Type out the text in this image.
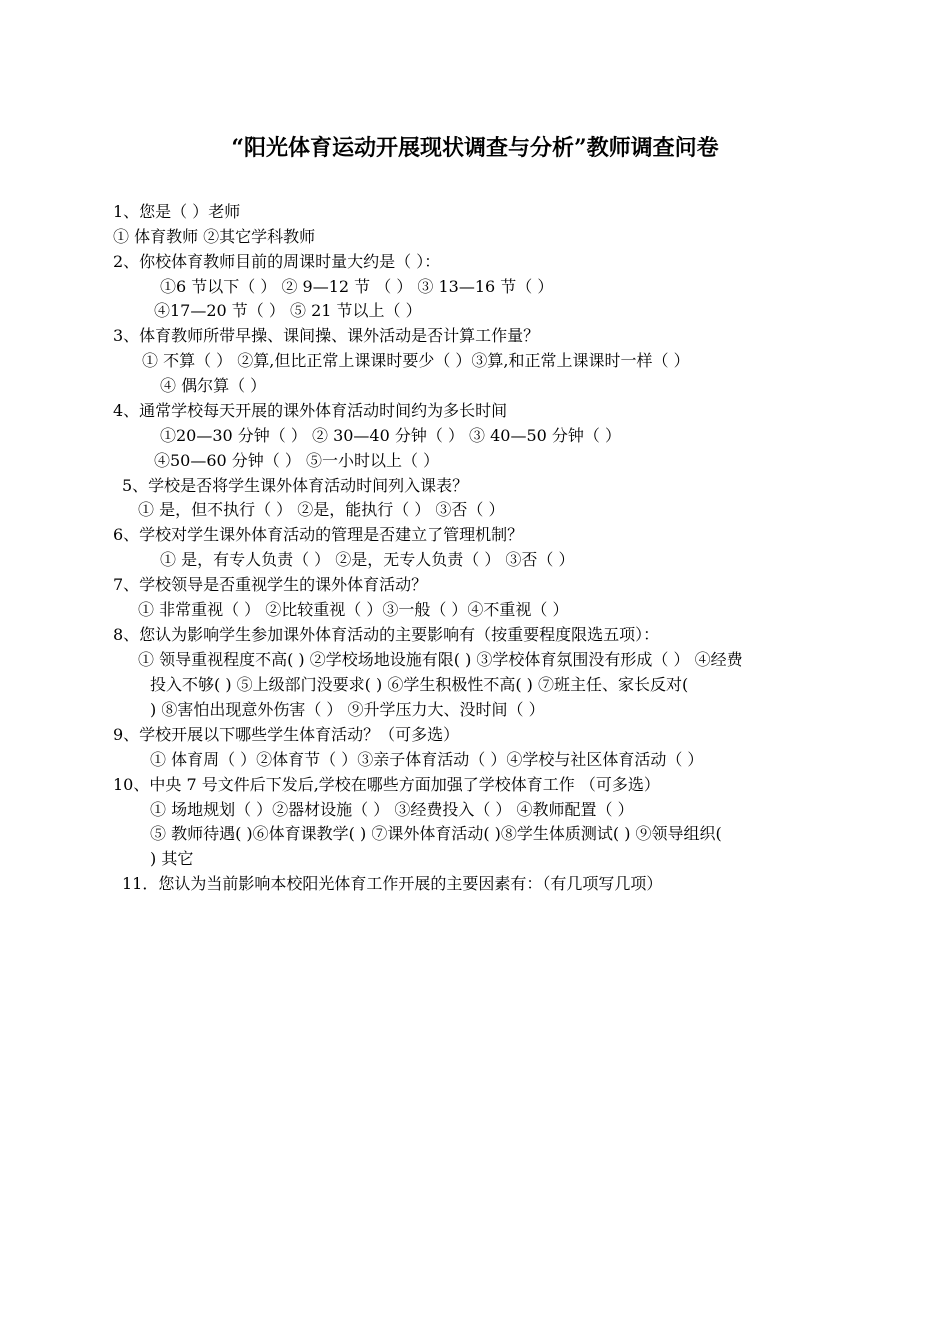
“阳光体育运动开展现状调查与分析”教师调查问卷
1、您是（ ）老师
① 体育教师 ②其它学科教师
2、你校体育教师目前的周课时量大约是（ ）：
①6 节以下（ ） ② 9—12 节 （ ） ③ 13—16 节（ ）
④17—20 节（ ） ⑤ 21 节以上（ ）
3、体育教师所带早操、课间操、课外活动是否计算工作量？
① 不算（ ） ②算,但比正常上课课时要少（ ）③算,和正常上课课时一样（ ）
④ 偶尔算（ ）
4、通常学校每天开展的课外体育活动时间约为多长时间
①20—30 分钟（ ） ② 30—40 分钟（ ） ③ 40—50 分钟（ ）
④50—60 分钟（ ） ⑤一小时以上（ ）
5、学校是否将学生课外体育活动时间列入课表？
① 是，但不执行（ ） ②是，能执行（ ） ③否（ ）
6、学校对学生课外体育活动的管理是否建立了管理机制？
① 是，有专人负责（ ） ②是，无专人负责（ ） ③否（ ）
7、学校领导是否重视学生的课外体育活动？
① 非常重视（ ） ②比较重视（ ）③一般（ ）④不重视（ ）
8、您认为影响学生参加课外体育活动的主要影响有（按重要程度限选五项）：
① 领导重视程度不高( ) ②学校场地设施有限( ) ③学校体育氛围没有形成（ ） ④经费
投入不够( ) ⑤上级部门没要求( ) ⑥学生积极性不高( ) ⑦班主任、家长反对(
) ⑧害怕出现意外伤害（ ） ⑨升学压力大、没时间（ ）
9、学校开展以下哪些学生体育活动？（可多选）
① 体育周（ ）②体育节（ ）③亲子体育活动（ ）④学校与社区体育活动（ ）
10、中央 7 号文件后下发后,学校在哪些方面加强了学校体育工作 （可多选）
① 场地规划（ ）②器材设施（ ） ③经费投入（ ） ④教师配置（ ）
⑤ 教师待遇( )⑥体育课教学( ) ⑦课外体育活动( )⑧学生体质测试( ) ⑨领导组织(
) 其它
11．您认为当前影响本校阳光体育工作开展的主要因素有：（有几项写几项）
